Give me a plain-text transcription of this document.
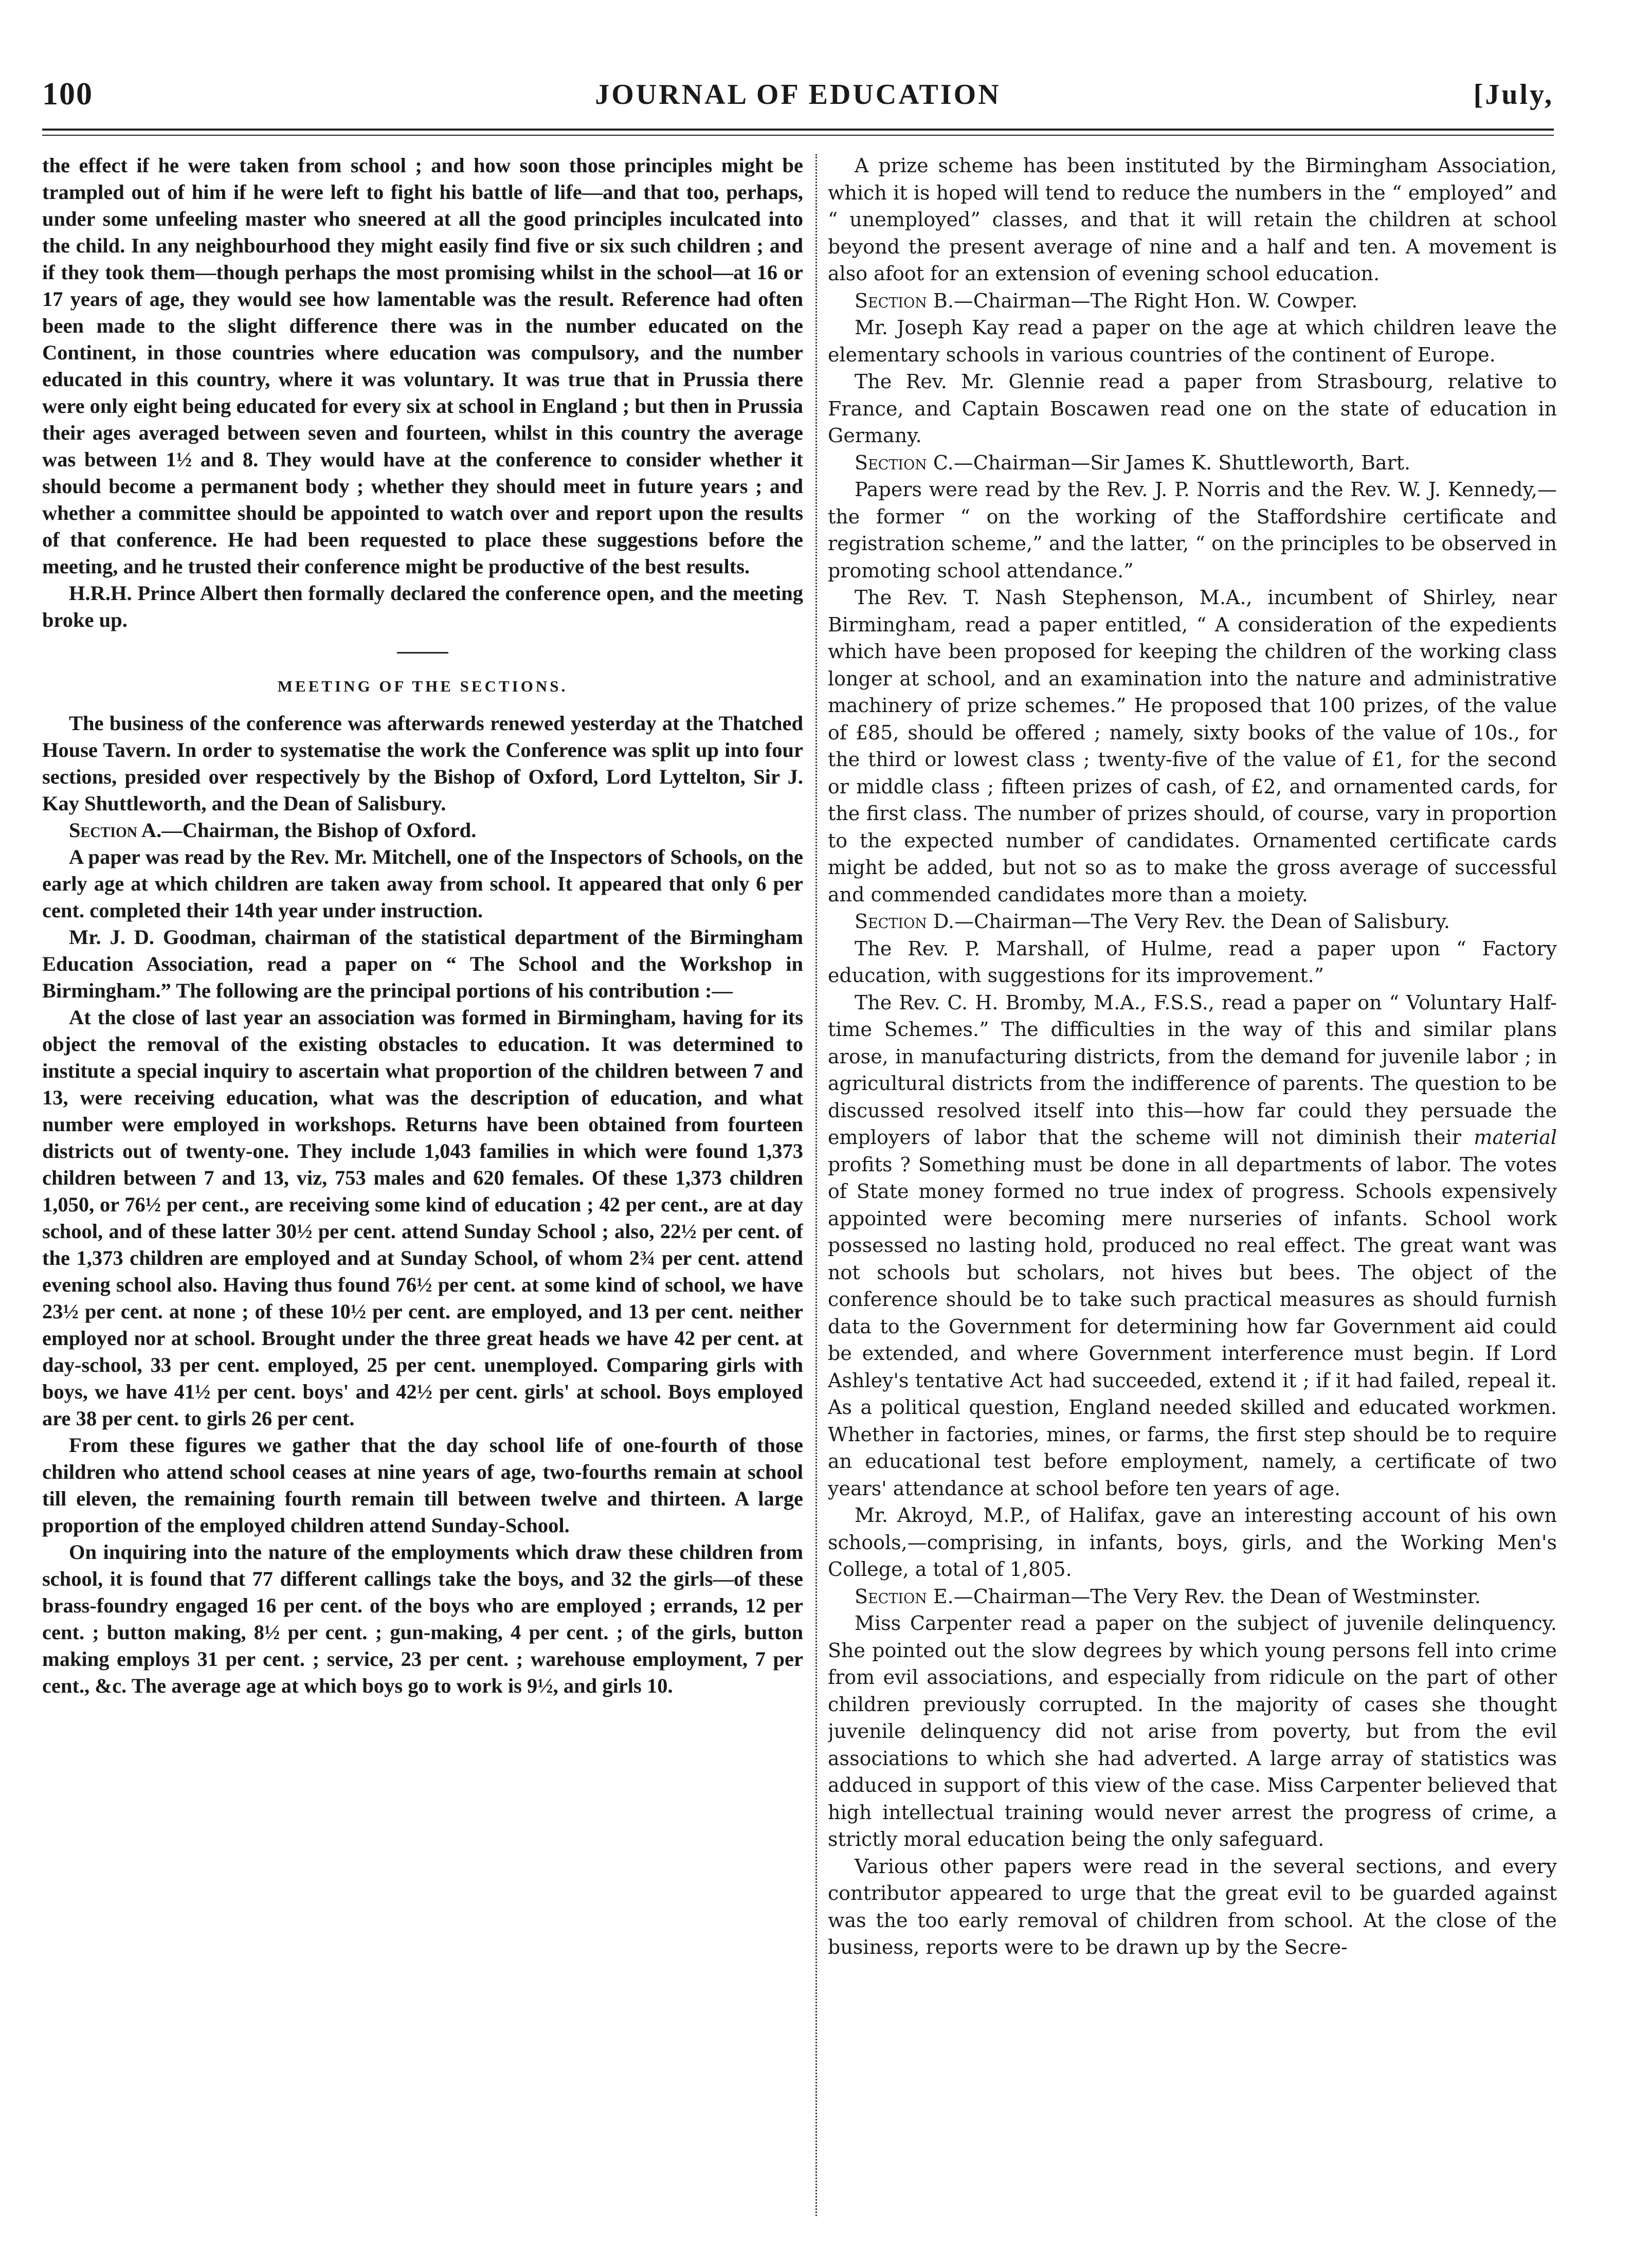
100	JOURNAL OF EDUCATION	[July,

the effect if he were taken from school ; and how soon those principles might be trampled out of him if he were left to fight his battle of life—and that too, perhaps, under some unfeeling master who sneered at all the good principles inculcated into the child. In any neighbourhood they might easily find five or six such children ; and if they took them—though perhaps the most promising whilst in the school—at 16 or 17 years of age, they would see how lamentable was the result. Reference had often been made to the slight difference there was in the number educated on the Continent, in those countries where education was compulsory, and the number educated in this country, where it was voluntary. It was true that in Prussia there were only eight being educated for every six at school in England ; but then in Prussia their ages averaged between seven and fourteen, whilst in this country the average was between 1½ and 8. They would have at the conference to consider whether it should become a permanent body ; whether they should meet in future years ; and whether a committee should be appointed to watch over and report upon the results of that conference. He had been requested to place these suggestions before the meeting, and he trusted their conference might be productive of the best results.

H.R.H. Prince Albert then formally declared the conference open, and the meeting broke up.

MEETING OF THE SECTIONS.

The business of the conference was afterwards renewed yesterday at the Thatched House Tavern. In order to systematise the work the Conference was split up into four sections, presided over respectively by the Bishop of Oxford, Lord Lyttelton, Sir J. Kay Shuttleworth, and the Dean of Salisbury.

Section A.—Chairman, the Bishop of Oxford.

A paper was read by the Rev. Mr. Mitchell, one of the Inspectors of Schools, on the early age at which children are taken away from school. It appeared that only 6 per cent. completed their 14th year under instruction.

Mr. J. D. Goodman, chairman of the statistical department of the Birmingham Education Association, read a paper on “ The School and the Workshop in Birmingham.” The following are the principal portions of his contribution :—

At the close of last year an association was formed in Birmingham, having for its object the removal of the existing obstacles to education. It was determined to institute a special inquiry to ascertain what proportion of the children between 7 and 13, were receiving education, what was the description of education, and what number were employed in workshops. Returns have been obtained from fourteen districts out of twenty-one. They include 1,043 families in which were found 1,373 children between 7 and 13, viz, 753 males and 620 females. Of these 1,373 children 1,050, or 76½ per cent., are receiving some kind of education ; 42 per cent., are at day school, and of these latter 30½ per cent. attend Sunday School ; also, 22½ per cent. of the 1,373 children are employed and at Sunday School, of whom 2¾ per cent. attend evening school also. Having thus found 76½ per cent. at some kind of school, we have 23½ per cent. at none ; of these 10½ per cent. are employed, and 13 per cent. neither employed nor at school. Brought under the three great heads we have 42 per cent. at day-school, 33 per cent. employed, 25 per cent. unemployed. Comparing girls with boys, we have 41½ per cent. boys' and 42½ per cent. girls' at school. Boys employed are 38 per cent. to girls 26 per cent.

From these figures we gather that the day school life of one-fourth of those children who attend school ceases at nine years of age, two-fourths remain at school till eleven, the remaining fourth remain till between twelve and thirteen. A large proportion of the employed children attend Sunday-School.

On inquiring into the nature of the employments which draw these children from school, it is found that 77 different callings take the boys, and 32 the girls—of these brass-foundry engaged 16 per cent. of the boys who are employed ; errands, 12 per cent. ; button making, 8½ per cent. ; gun-making, 4 per cent. ; of the girls, button making employs 31 per cent. ; service, 23 per cent. ; warehouse employment, 7 per cent., &c. The average age at which boys go to work is 9½, and girls 10.

A prize scheme has been instituted by the Birmingham Association, which it is hoped will tend to reduce the numbers in the “ employed” and “ unemployed” classes, and that it will retain the children at school beyond the present average of nine and a half and ten. A movement is also afoot for an extension of evening school education.

Section B.—Chairman—The Right Hon. W. Cowper.

Mr. Joseph Kay read a paper on the age at which children leave the elementary schools in various countries of the continent of Europe.

The Rev. Mr. Glennie read a paper from Strasbourg, relative to France, and Captain Boscawen read one on the state of education in Germany.

Section C.—Chairman—Sir James K. Shuttleworth, Bart.

Papers were read by the Rev. J. P. Norris and the Rev. W. J. Kennedy,—the former “ on the working of the Staffordshire certificate and registration scheme,” and the latter, “ on the principles to be observed in promoting school attendance.”

The Rev. T. Nash Stephenson, M.A., incumbent of Shirley, near Birmingham, read a paper entitled, “ A consideration of the expedients which have been proposed for keeping the children of the working class longer at school, and an examination into the nature and administrative machinery of prize schemes.” He proposed that 100 prizes, of the value of £85, should be offered ; namely, sixty books of the value of 10s., for the third or lowest class ; twenty-five of the value of £1, for the second or middle class ; fifteen prizes of cash, of £2, and ornamented cards, for the first class. The number of prizes should, of course, vary in proportion to the expected number of candidates. Ornamented certificate cards might be added, but not so as to make the gross average of successful and commended candidates more than a moiety.

Section D.—Chairman—The Very Rev. the Dean of Salisbury.

The Rev. P. Marshall, of Hulme, read a paper upon “ Factory education, with suggestions for its improvement.”

The Rev. C. H. Bromby, M.A., F.S.S., read a paper on “ Voluntary Half-time Schemes.” The difficulties in the way of this and similar plans arose, in manufacturing districts, from the demand for juvenile labor ; in agricultural districts from the indifference of parents. The question to be discussed resolved itself into this—how far could they persuade the employers of labor that the scheme will not diminish their material profits ? Something must be done in all departments of labor. The votes of State money formed no true index of progress. Schools expensively appointed were becoming mere nurseries of infants. School work possessed no lasting hold, produced no real effect. The great want was not schools but scholars, not hives but bees. The object of the conference should be to take such practical measures as should furnish data to the Government for determining how far Government aid could be extended, and where Government interference must begin. If Lord Ashley's tentative Act had succeeded, extend it ; if it had failed, repeal it. As a political question, England needed skilled and educated workmen. Whether in factories, mines, or farms, the first step should be to require an educational test before employment, namely, a certificate of two years' attendance at school before ten years of age.

Mr. Akroyd, M.P., of Halifax, gave an interesting account of his own schools,—comprising, in infants, boys, girls, and the Working Men's College, a total of 1,805.

Section E.—Chairman—The Very Rev. the Dean of Westminster.

Miss Carpenter read a paper on the subject of juvenile delinquency. She pointed out the slow degrees by which young persons fell into crime from evil associations, and especially from ridicule on the part of other children previously corrupted. In the majority of cases she thought juvenile delinquency did not arise from poverty, but from the evil associations to which she had adverted. A large array of statistics was adduced in support of this view of the case. Miss Carpenter believed that high intellectual training would never arrest the progress of crime, a strictly moral education being the only safeguard.

Various other papers were read in the several sections, and every contributor appeared to urge that the great evil to be guarded against was the too early removal of children from school. At the close of the business, reports were to be drawn up by the Secre-
